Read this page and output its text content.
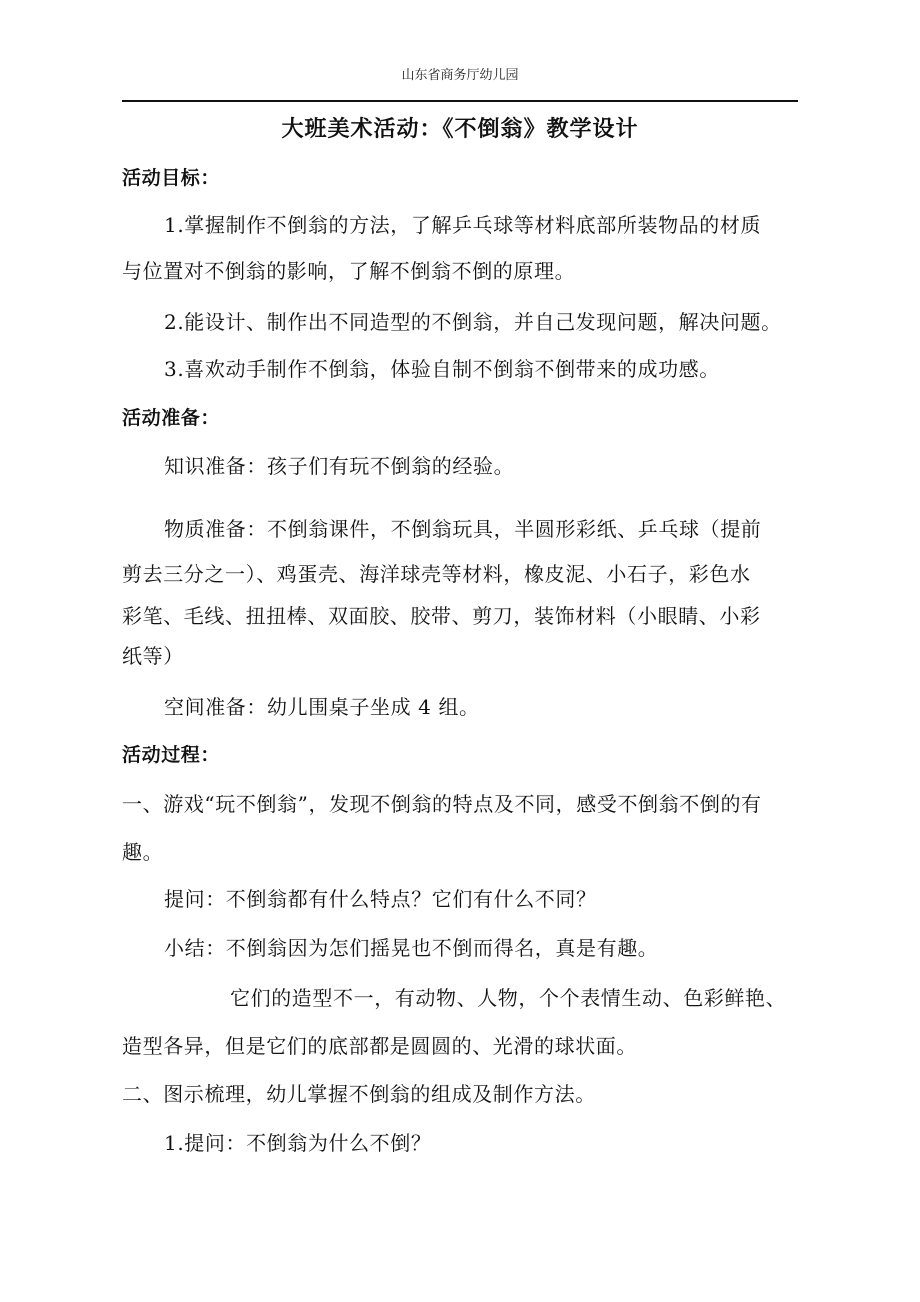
山东省商务厅幼儿园
大班美术活动：《不倒翁》教学设计
活动目标：
1.掌握制作不倒翁的方法，了解乒乓球等材料底部所装物品的材质
与位置对不倒翁的影响，了解不倒翁不倒的原理。
2.能设计、制作出不同造型的不倒翁，并自己发现问题，解决问题。
3.喜欢动手制作不倒翁，体验自制不倒翁不倒带来的成功感。
活动准备：
知识准备：孩子们有玩不倒翁的经验。
物质准备：不倒翁课件，不倒翁玩具，半圆形彩纸、乒乓球（提前
剪去三分之一）、鸡蛋壳、海洋球壳等材料，橡皮泥、小石子，彩色水
彩笔、毛线、扭扭棒、双面胶、胶带、剪刀，装饰材料（小眼睛、小彩
纸等）
空间准备：幼儿围桌子坐成 4 组。
活动过程：
一、游戏“玩不倒翁”，发现不倒翁的特点及不同，感受不倒翁不倒的有
趣。
提问：不倒翁都有什么特点？它们有什么不同？
小结：不倒翁因为怎们摇晃也不倒而得名，真是有趣。
它们的造型不一，有动物、人物，个个表情生动、色彩鲜艳、
造型各异，但是它们的底部都是圆圆的、光滑的球状面。
二、图示梳理，幼儿掌握不倒翁的组成及制作方法。
1.提问：不倒翁为什么不倒？
